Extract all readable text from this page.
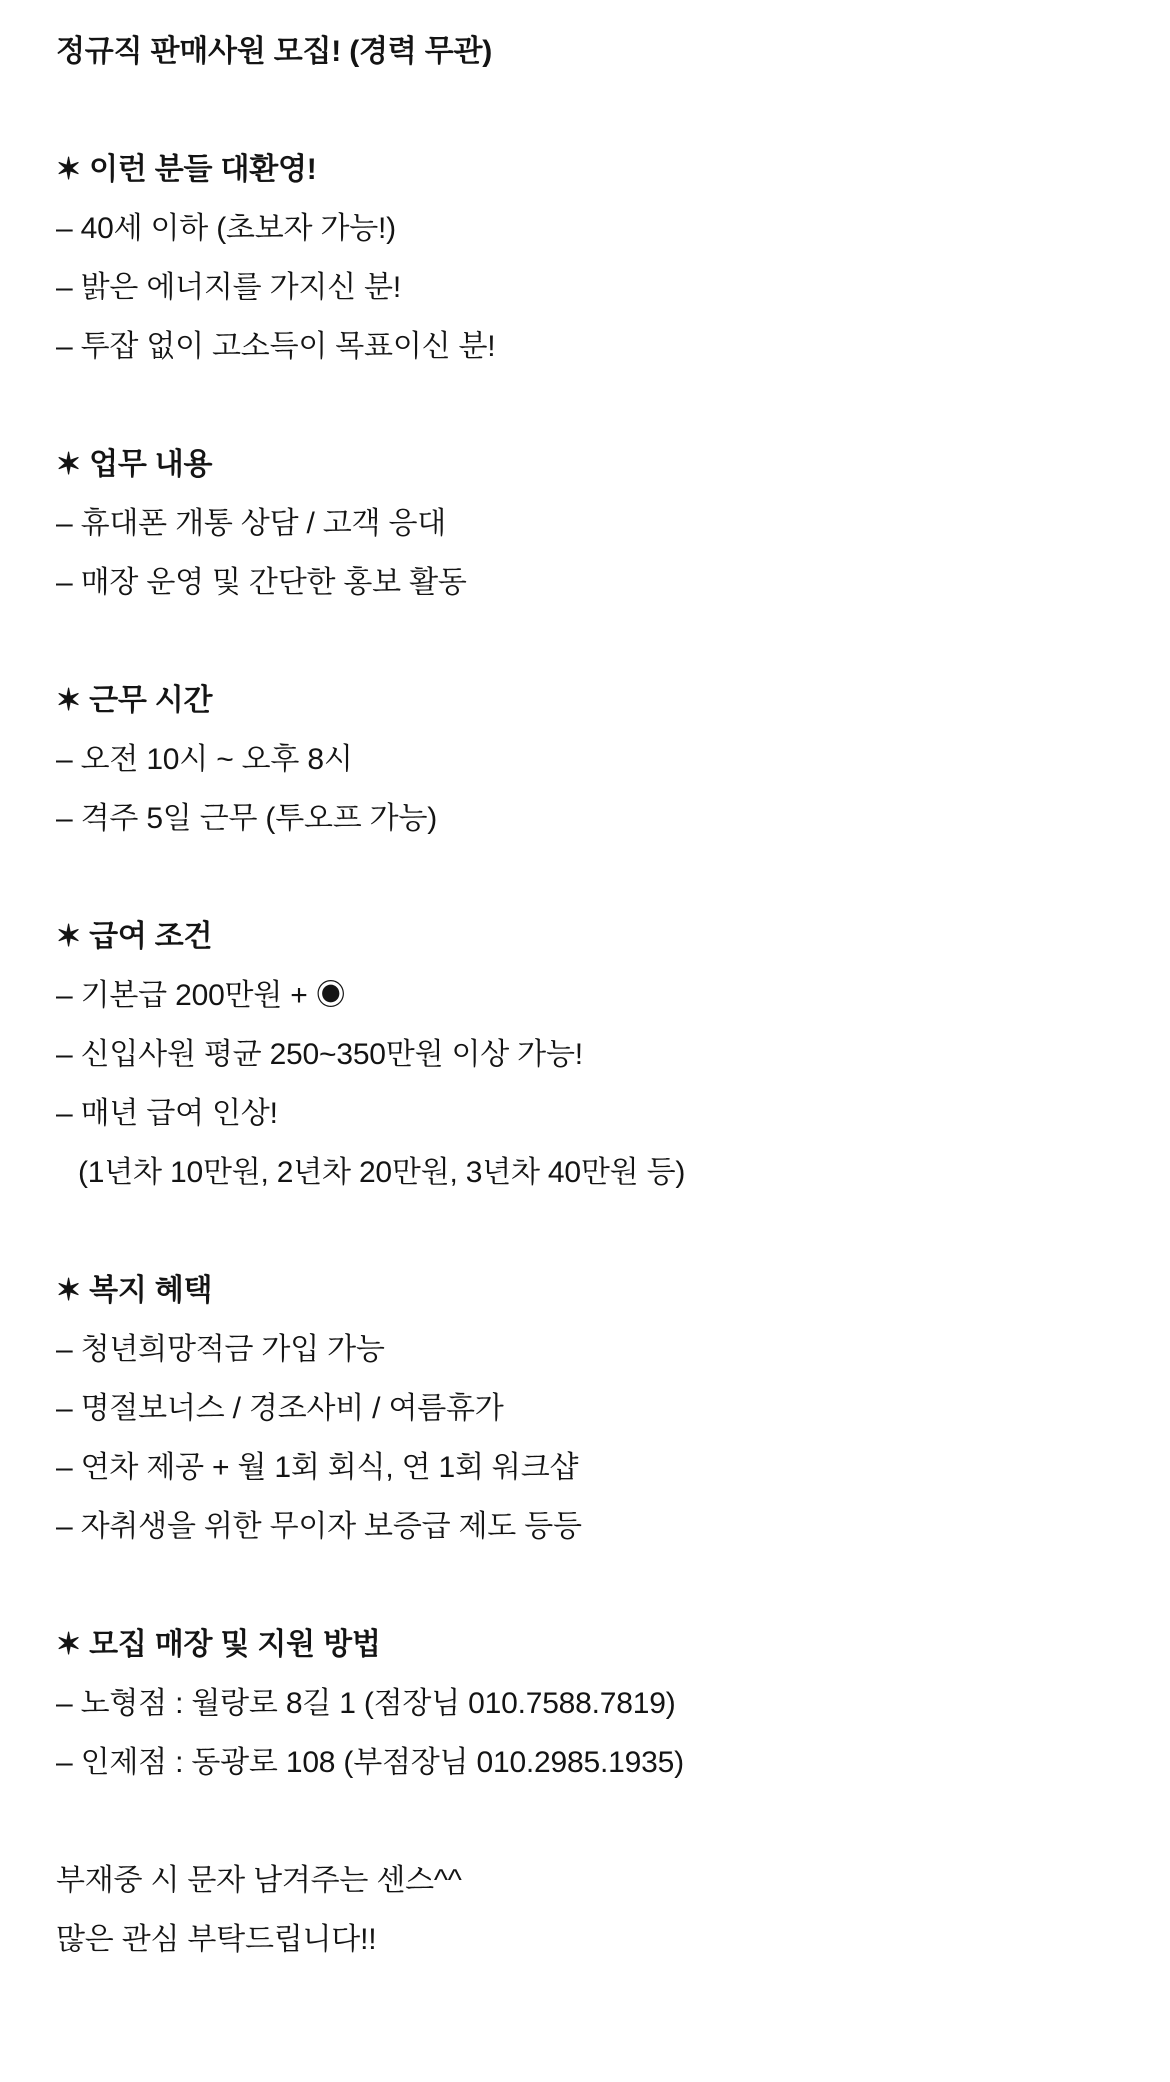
정규직 판매사원 모집! (경력 무관)
✶ 이런 분들 대환영!
– 40세 이하 (초보자 가능!)
– 밝은 에너지를 가지신 분!
– 투잡 없이 고소득이 목표이신 분!
✶ 업무 내용
– 휴대폰 개통 상담 / 고객 응대
– 매장 운영 및 간단한 홍보 활동
✶ 근무 시간
– 오전 10시 ~ 오후 8시
– 격주 5일 근무 (투오프 가능)
✶ 급여 조건
– 기본급 200만원 + ◉
– 신입사원 평균 250~350만원 이상 가능!
– 매년 급여 인상!
(1년차 10만원, 2년차 20만원, 3년차 40만원 등)
✶ 복지 혜택
– 청년희망적금 가입 가능
– 명절보너스 / 경조사비 / 여름휴가
– 연차 제공 + 월 1회 회식, 연 1회 워크샵
– 자취생을 위한 무이자 보증급 제도 등등
✶ 모집 매장 및 지원 방법
– 노형점 : 월랑로 8길 1 (점장님 010.7588.7819)
– 인제점 : 동광로 108 (부점장님 010.2985.1935)
부재중 시 문자 남겨주는 센스^^
많은 관심 부탁드립니다!!
